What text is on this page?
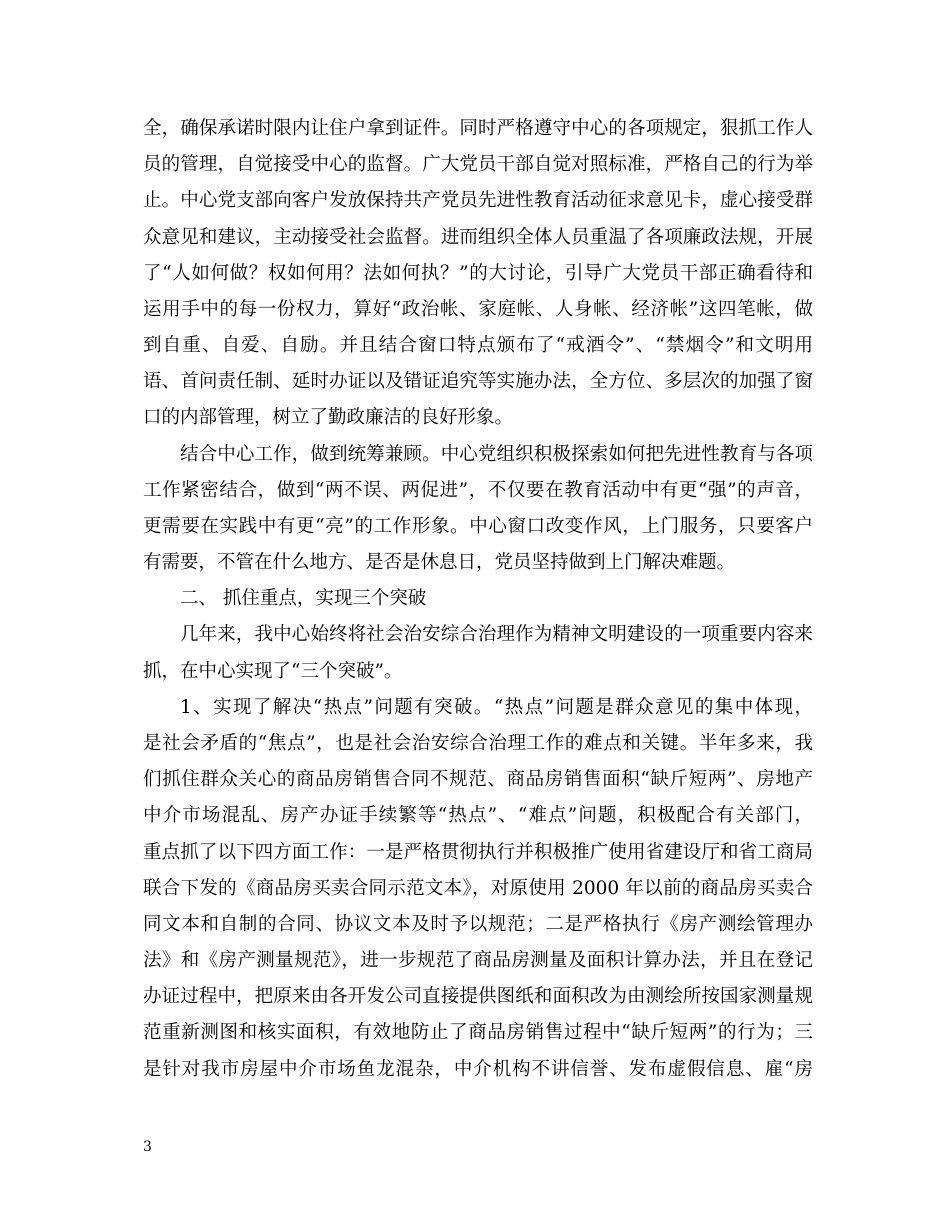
全，确保承诺时限内让住户拿到证件。同时严格遵守中心的各项规定，狠抓工作人
员的管理，自觉接受中心的监督。广大党员干部自觉对照标准，严格自己的行为举
止。中心党支部向客户发放保持共产党员先进性教育活动征求意见卡，虚心接受群
众意见和建议，主动接受社会监督。进而组织全体人员重温了各项廉政法规，开展
了“人如何做？权如何用？法如何执？”的大讨论，引导广大党员干部正确看待和
运用手中的每一份权力，算好“政治帐、家庭帐、人身帐、经济帐”这四笔帐，做
到自重、自爱、自励。并且结合窗口特点颁布了“戒酒令”、“禁烟令”和文明用
语、首问责任制、延时办证以及错证追究等实施办法，全方位、多层次的加强了窗
口的内部管理，树立了勤政廉洁的良好形象。
结合中心工作，做到统筹兼顾。中心党组织积极探索如何把先进性教育与各项
工作紧密结合，做到“两不误、两促进”，不仅要在教育活动中有更“强”的声音，
更需要在实践中有更“亮”的工作形象。中心窗口改变作风，上门服务，只要客户
有需要，不管在什么地方、是否是休息日，党员坚持做到上门解决难题。
二、 抓住重点，实现三个突破
几年来，我中心始终将社会治安综合治理作为精神文明建设的一项重要内容来
抓，在中心实现了“三个突破”。
1、实现了解决“热点”问题有突破。“热点”问题是群众意见的集中体现，
是社会矛盾的“焦点”，也是社会治安综合治理工作的难点和关键。半年多来，我
们抓住群众关心的商品房销售合同不规范、商品房销售面积“缺斤短两”、房地产
中介市场混乱、房产办证手续繁等“热点”、“难点”问题，积极配合有关部门，
重点抓了以下四方面工作：一是严格贯彻执行并积极推广使用省建设厅和省工商局
联合下发的《商品房买卖合同示范文本》，对原使用 2000 年以前的商品房买卖合
同文本和自制的合同、协议文本及时予以规范；二是严格执行《房产测绘管理办
法》和《房产测量规范》，进一步规范了商品房测量及面积计算办法，并且在登记
办证过程中，把原来由各开发公司直接提供图纸和面积改为由测绘所按国家测量规
范重新测图和核实面积，有效地防止了商品房销售过程中“缺斤短两”的行为；三
是针对我市房屋中介市场鱼龙混杂，中介机构不讲信誉、发布虚假信息、雇“房
3
